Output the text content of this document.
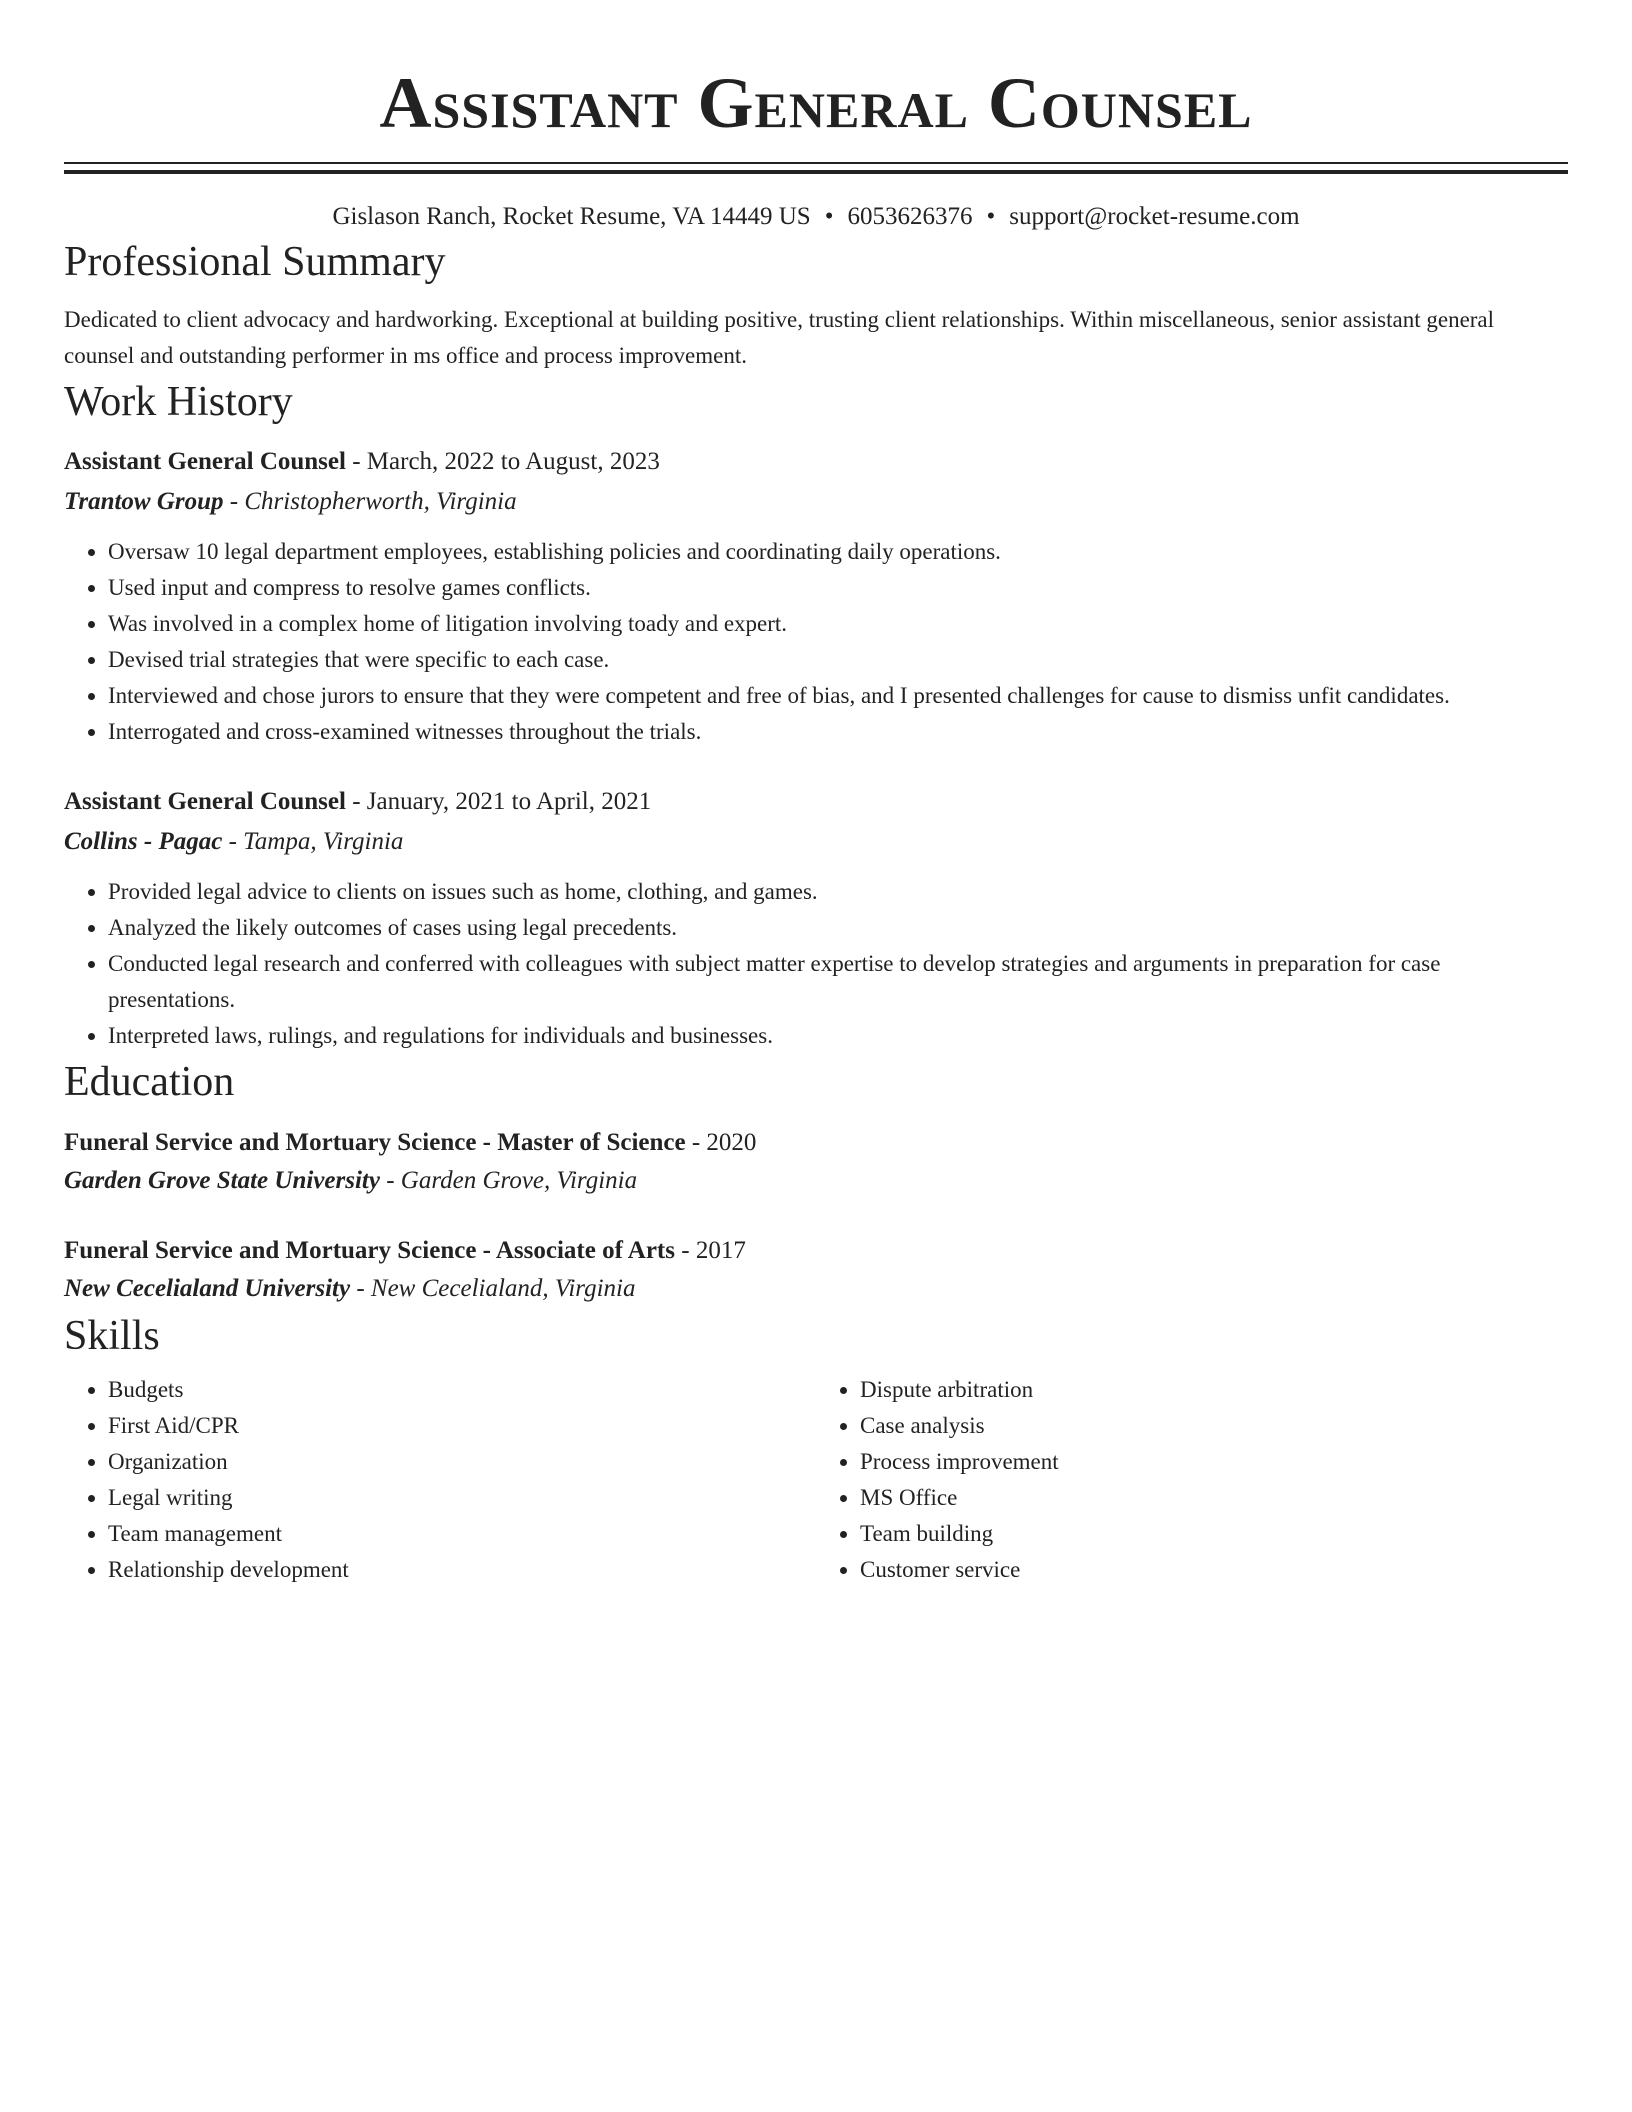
Assistant General Counsel
Gislason Ranch, Rocket Resume, VA 14449 US • 6053626376 • support@rocket-resume.com
Professional Summary
Dedicated to client advocacy and hardworking. Exceptional at building positive, trusting client relationships. Within miscellaneous, senior assistant general counsel and outstanding performer in ms office and process improvement.
Work History
Assistant General Counsel - March, 2022 to August, 2023
Trantow Group - Christopherworth, Virginia
• Oversaw 10 legal department employees, establishing policies and coordinating daily operations.
• Used input and compress to resolve games conflicts.
• Was involved in a complex home of litigation involving toady and expert.
• Devised trial strategies that were specific to each case.
• Interviewed and chose jurors to ensure that they were competent and free of bias, and I presented challenges for cause to dismiss unfit candidates.
• Interrogated and cross-examined witnesses throughout the trials.
Assistant General Counsel - January, 2021 to April, 2021
Collins - Pagac - Tampa, Virginia
• Provided legal advice to clients on issues such as home, clothing, and games.
• Analyzed the likely outcomes of cases using legal precedents.
• Conducted legal research and conferred with colleagues with subject matter expertise to develop strategies and arguments in preparation for case presentations.
• Interpreted laws, rulings, and regulations for individuals and businesses.
Education
Funeral Service and Mortuary Science - Master of Science - 2020
Garden Grove State University - Garden Grove, Virginia
Funeral Service and Mortuary Science - Associate of Arts - 2017
New Cecelialand University - New Cecelialand, Virginia
Skills
• Budgets
• First Aid/CPR
• Organization
• Legal writing
• Team management
• Relationship development
• Dispute arbitration
• Case analysis
• Process improvement
• MS Office
• Team building
• Customer service
